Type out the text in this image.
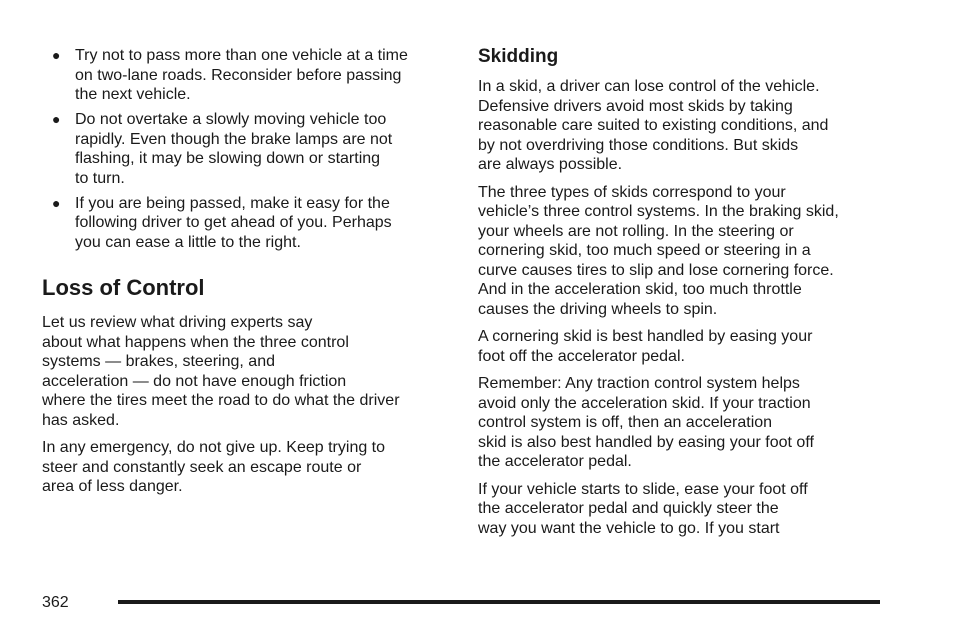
● Try not to pass more than one vehicle at a time
on two-lane roads. Reconsider before passing
the next vehicle.
● Do not overtake a slowly moving vehicle too
rapidly. Even though the brake lamps are not
flashing, it may be slowing down or starting
to turn.
● If you are being passed, make it easy for the
following driver to get ahead of you. Perhaps
you can ease a little to the right.
Loss of Control

Let us review what driving experts say
about what happens when the three control
systems — brakes, steering, and
acceleration — do not have enough friction
where the tires meet the road to do what the driver
has asked.

In any emergency, do not give up. Keep trying to
steer and constantly seek an escape route or
area of less danger.

Skidding

In a skid, a driver can lose control of the vehicle.
Defensive drivers avoid most skids by taking
reasonable care suited to existing conditions, and
by not overdriving those conditions. But skids
are always possible.

The three types of skids correspond to your
vehicle’s three control systems. In the braking skid,
your wheels are not rolling. In the steering or
cornering skid, too much speed or steering in a
curve causes tires to slip and lose cornering force.
And in the acceleration skid, too much throttle
causes the driving wheels to spin.

A cornering skid is best handled by easing your
foot off the accelerator pedal.

Remember: Any traction control system helps
avoid only the acceleration skid. If your traction
control system is off, then an acceleration
skid is also best handled by easing your foot off
the accelerator pedal.

If your vehicle starts to slide, ease your foot off
the accelerator pedal and quickly steer the
way you want the vehicle to go. If you start

362
